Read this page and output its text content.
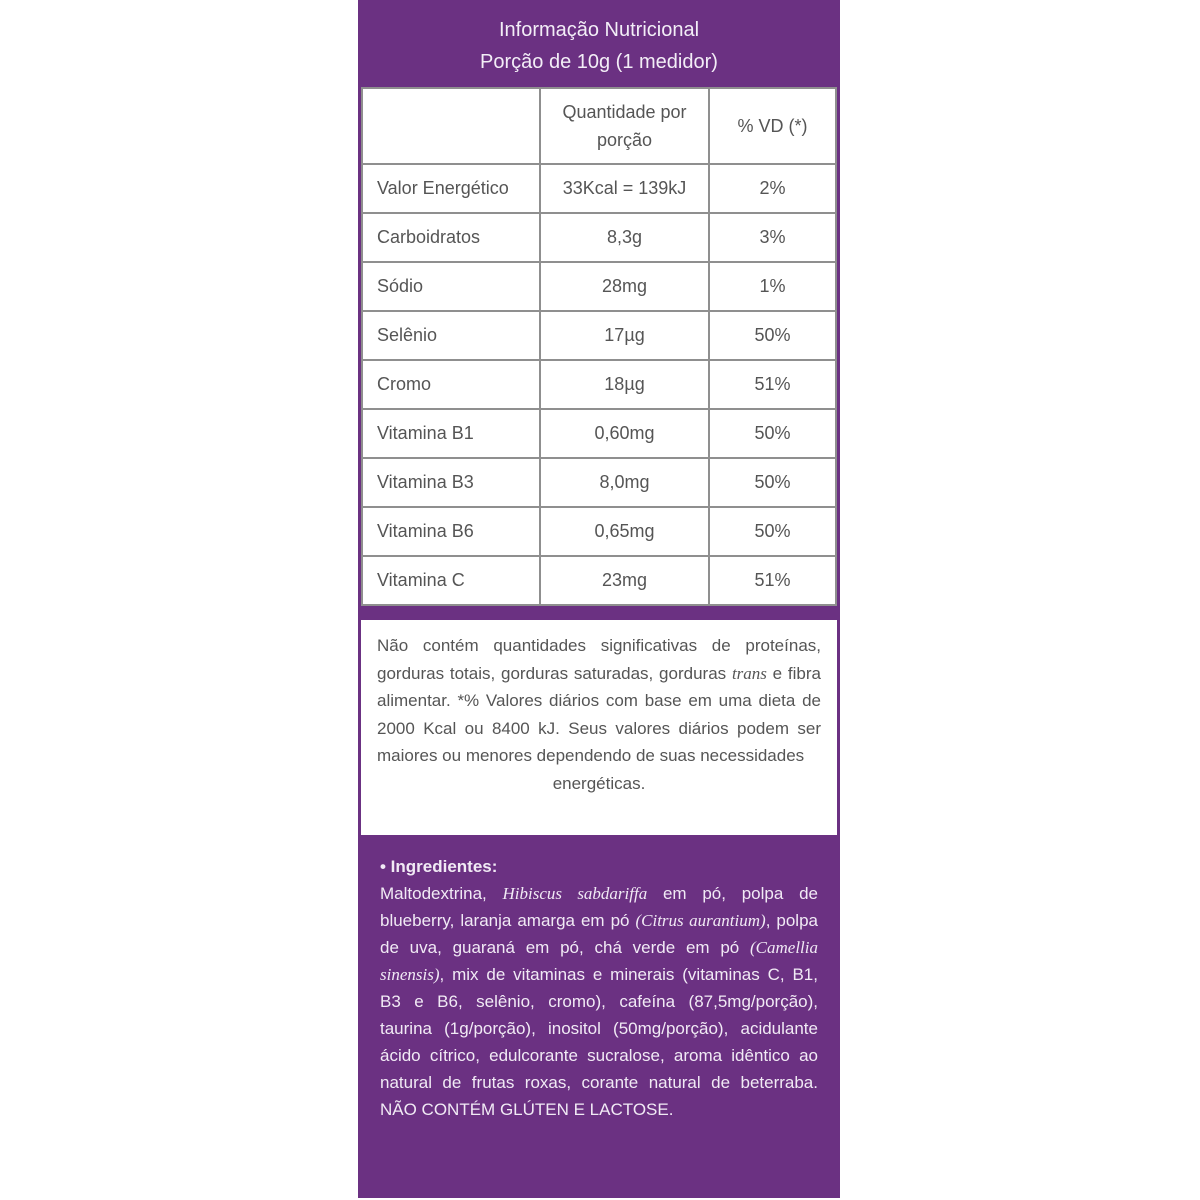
Informação Nutricional
Porção de 10g (1 medidor)
	Quantidade por porção	% VD (*)
Valor Energético	33Kcal = 139kJ	2%
Carboidratos	8,3g	3%
Sódio	28mg	1%
Selênio	17µg	50%
Cromo	18µg	51%
Vitamina B1	0,60mg	50%
Vitamina B3	8,0mg	50%
Vitamina B6	0,65mg	50%
Vitamina C	23mg	51%
Não contém quantidades significativas de proteínas, gorduras totais, gorduras saturadas, gorduras trans e fibra alimentar. *% Valores diários com base em uma dieta de 2000 Kcal ou 8400 kJ. Seus valores diários podem ser maiores ou menores dependendo de suas necessidades
energéticas.
• Ingredientes:
Maltodextrina, Hibiscus sabdariffa em pó, polpa de blueberry, laranja amarga em pó (Citrus aurantium), polpa de uva, guaraná em pó, chá verde em pó (Camellia sinensis), mix de vitaminas e minerais (vitaminas C, B1, B3 e B6, selênio, cromo), cafeína (87,5mg/porção), taurina (1g/porção), inositol (50mg/porção), acidulante ácido cítrico, edulcorante sucralose, aroma idêntico ao natural de frutas roxas, corante natural de beterraba. NÃO CONTÉM GLÚTEN E LACTOSE.
